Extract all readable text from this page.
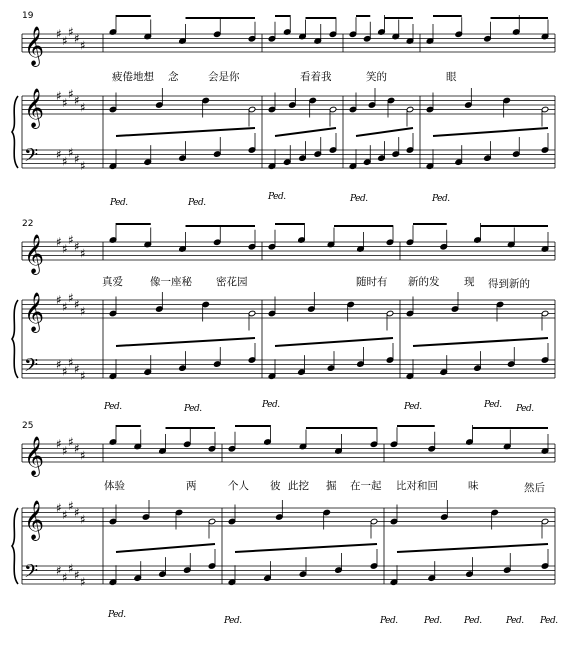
𝄞
𝄞
𝄢
♯ ♯
♯ ♯ ♯
♯ ♯
♯ ♯ ♯
♯ ♯
♯ ♯ ♯
𝄞
𝄞
𝄢
♯ ♯
♯ ♯ ♯
♯ ♯
♯ ♯ ♯
♯ ♯
♯ ♯ ♯
𝄞
𝄞
𝄢
♯ ♯
♯ ♯ ♯
♯ ♯
♯ ♯ ♯
♯ ♯
♯ ♯ ♯
19
22
25
疲倦地想 念	会是你	看着我	笑的	眼
真爱	像一座秘 密花园	随时有 新的发 现 得到新的
体验	两	个人 彼 此挖 掘 在一起 比对和回	味	然后
Ped.	Ped.
Ped.	Ped.	Ped.
Ped.	Ped.	Ped.	Ped.	Ped. Ped.
Ped.
Ped.	Ped.	Ped. Ped.	Ped. Ped.
